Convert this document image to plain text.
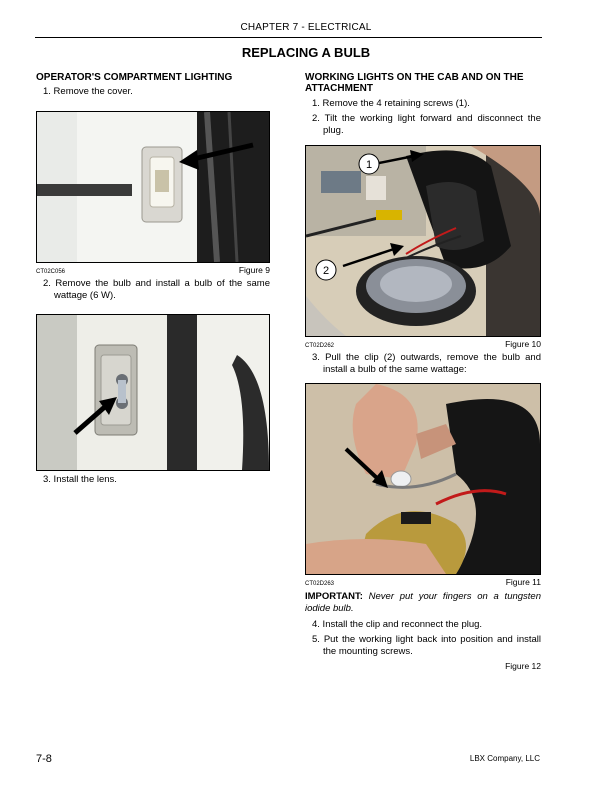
CHAPTER 7 - ELECTRICAL
REPLACING A BULB

OPERATOR'S COMPARTMENT LIGHTING

1. Remove the cover.
CT02C056	Figure 9
2. Remove the bulb and install a bulb of the same wattage (6 W).
3. Install the lens.

WORKING LIGHTS ON THE CAB AND ON THE ATTACHMENT

1. Remove the 4 retaining screws (1).
2. Tilt the working light forward and disconnect the plug.
1
2
CT02D262	Figure 10
3. Pull the clip (2) outwards, remove the bulb and install a bulb of the same wattage:
CT02D263	Figure 11

IMPORTANT: Never put your fingers on a tungsten iodide bulb.

4. Install the clip and reconnect the plug.
5. Put the working light back into position and install the mounting screws.
Figure 12
7-8	LBX Company, LLC
